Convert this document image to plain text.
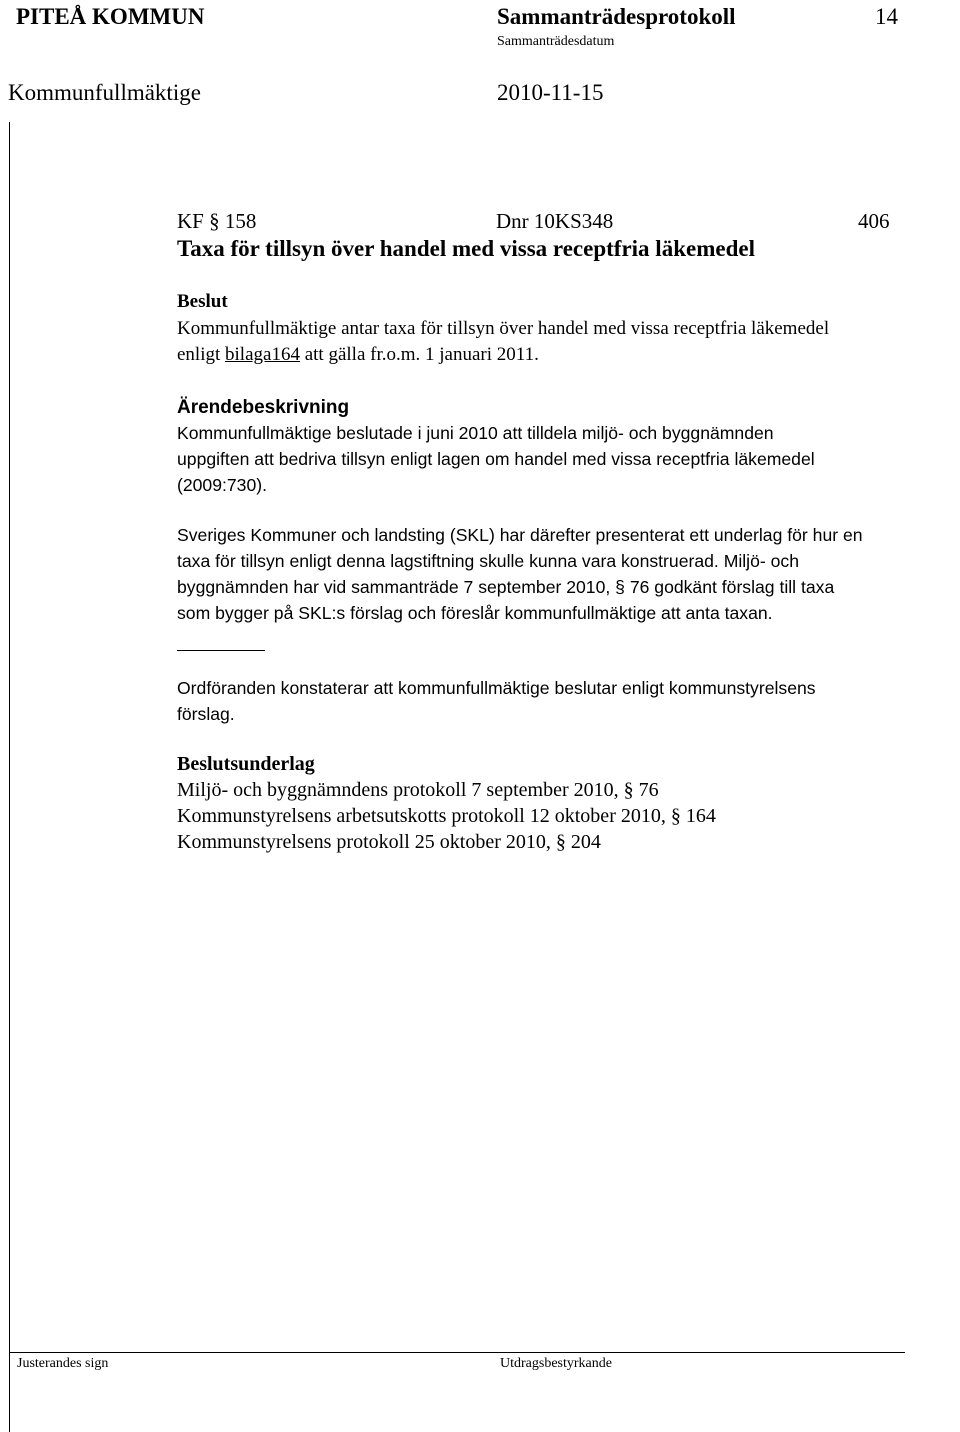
PITEÅ KOMMUN	Sammanträdesprotokoll	14
Sammanträdesdatum
Kommunfullmäktige	2010-11-15
KF § 158	Dnr 10KS348	406
Taxa för tillsyn över handel med vissa receptfria läkemedel
Beslut
Kommunfullmäktige antar taxa för tillsyn över handel med vissa receptfria läkemedel
enligt bilaga164 att gälla fr.o.m. 1 januari 2011.
Ärendebeskrivning
Kommunfullmäktige beslutade i juni 2010 att tilldela miljö- och byggnämnden
uppgiften att bedriva tillsyn enligt lagen om handel med vissa receptfria läkemedel
(2009:730).
Sveriges Kommuner och landsting (SKL) har därefter presenterat ett underlag för hur en
taxa för tillsyn enligt denna lagstiftning skulle kunna vara konstruerad. Miljö- och
byggnämnden har vid sammanträde 7 september 2010, § 76 godkänt förslag till taxa
som bygger på SKL:s förslag och föreslår kommunfullmäktige att anta taxan.
Ordföranden konstaterar att kommunfullmäktige beslutar enligt kommunstyrelsens
förslag.
Beslutsunderlag
Miljö- och byggnämndens protokoll 7 september 2010, § 76
Kommunstyrelsens arbetsutskotts protokoll 12 oktober 2010, § 164
Kommunstyrelsens protokoll 25 oktober 2010, § 204
Justerandes sign	Utdragsbestyrkande
